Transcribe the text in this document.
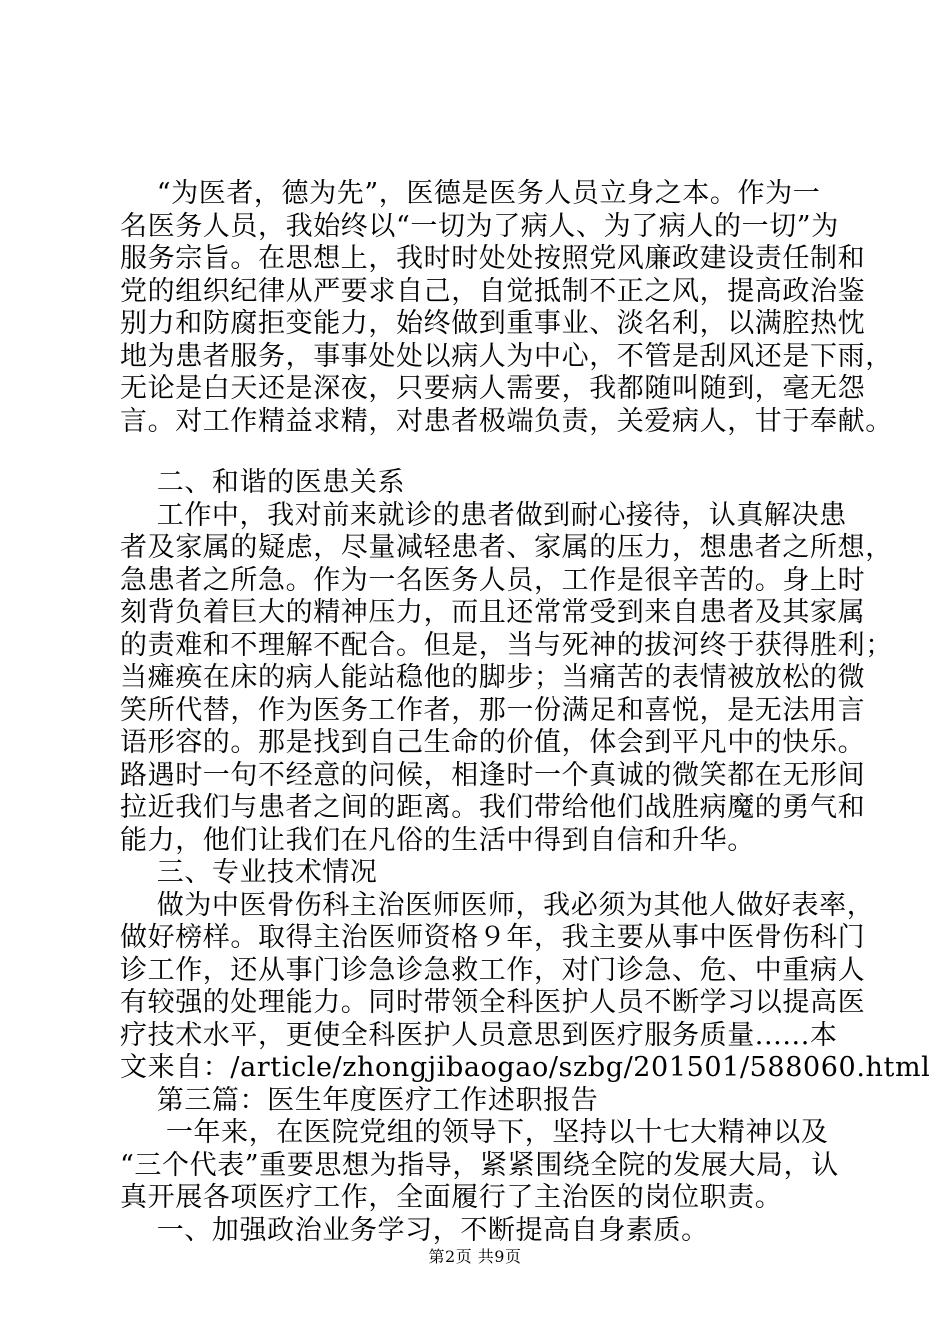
“为医者，德为先”，医德是医务人员立身之本。作为一
名医务人员，我始终以“一切为了病人、为了病人的一切”为
服务宗旨。在思想上，我时时处处按照党风廉政建设责任制和
党的组织纪律从严要求自己，自觉抵制不正之风，提高政治鉴
别力和防腐拒变能力，始终做到重事业、淡名利，以满腔热忱
地为患者服务，事事处处以病人为中心，不管是刮风还是下雨，
无论是白天还是深夜，只要病人需要，我都随叫随到，毫无怨
言。对工作精益求精，对患者极端负责，关爱病人，甘于奉献。
二、和谐的医患关系
工作中，我对前来就诊的患者做到耐心接待，认真解决患
者及家属的疑虑，尽量减轻患者、家属的压力，想患者之所想，
急患者之所急。作为一名医务人员，工作是很辛苦的。身上时
刻背负着巨大的精神压力，而且还常常受到来自患者及其家属
的责难和不理解不配合。但是，当与死神的拔河终于获得胜利；
当瘫痪在床的病人能站稳他的脚步；当痛苦的表情被放松的微
笑所代替，作为医务工作者，那一份满足和喜悦，是无法用言
语形容的。那是找到自己生命的价值，体会到平凡中的快乐。
路遇时一句不经意的问候，相逢时一个真诚的微笑都在无形间
拉近我们与患者之间的距离。我们带给他们战胜病魔的勇气和
能力，他们让我们在凡俗的生活中得到自信和升华。
三、专业技术情况
做为中医骨伤科主治医师医师，我必须为其他人做好表率，
做好榜样。取得主治医师资格９年，我主要从事中医骨伤科门
诊工作，还从事门诊急诊急救工作，对门诊急、危、中重病人
有较强的处理能力。同时带领全科医护人员不断学习以提高医
疗技术水平，更使全科医护人员意思到医疗服务质量......本
文来自：/article/zhongjibaogao/szbg/201501/588060.html
第三篇：医生年度医疗工作述职报告
一年来，在医院党组的领导下，坚持以十七大精神以及
“三个代表”重要思想为指导，紧紧围绕全院的发展大局，认
真开展各项医疗工作，全面履行了主治医的岗位职责。
一、加强政治业务学习，不断提高自身素质。
第2页 共9页
